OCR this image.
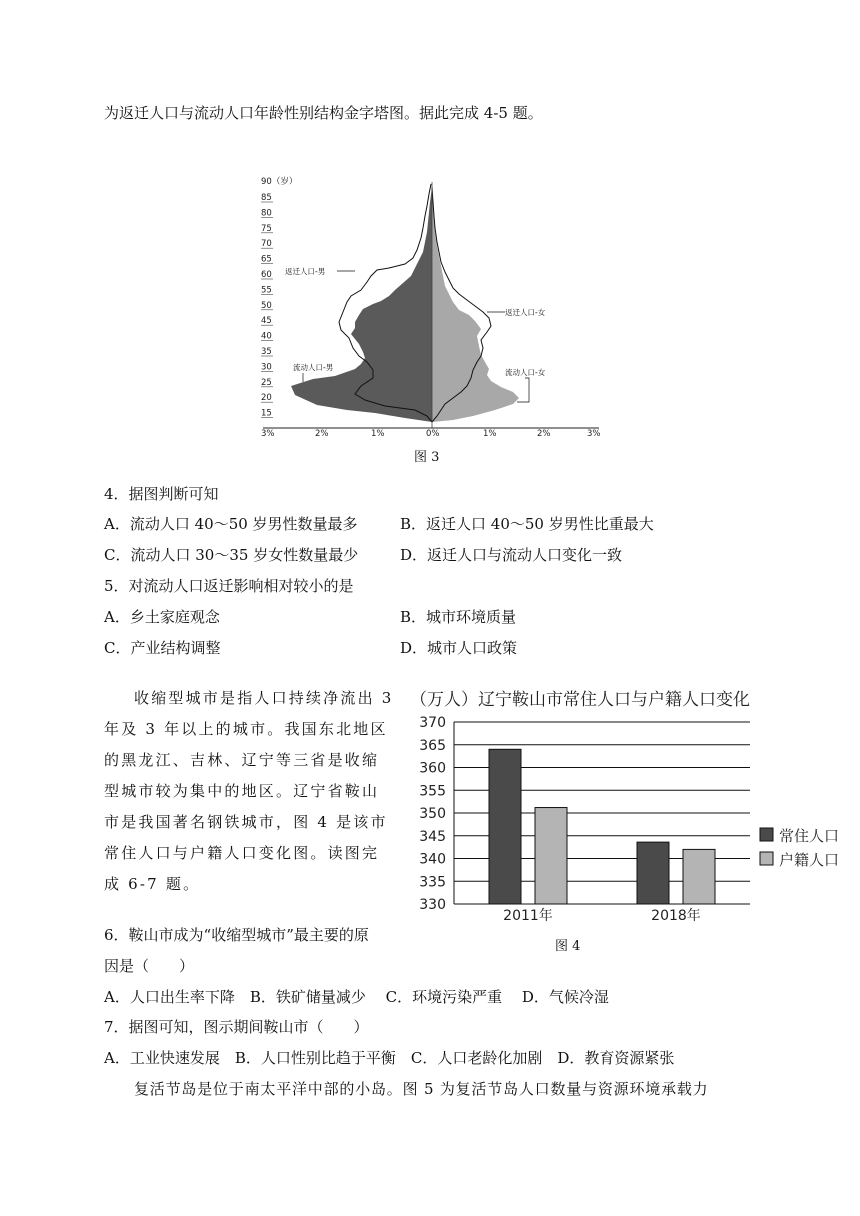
为返迁人口与流动人口年龄性别结构金字塔图。据此完成 4-5 题。
90（岁）
85
80
75
70
65
60
55
50
45
40
35
30
25
20
15
3%	2%	1%	0%	1%	2%	3%
返迁人口-男
返迁人口-女
流动人口-男
流动人口-女
图 3
4．据图判断可知
A．流动人口 40～50 岁男性数量最多	B．返迁人口 40～50 岁男性比重最大
C．流动人口 30～35 岁女性数量最少	D．返迁人口与流动人口变化一致
5．对流动人口返迁影响相对较小的是
A．乡土家庭观念	B．城市环境质量
C．产业结构调整	D．城市人口政策
收缩型城市是指人口持续净流出 3 年及 3 年以上的城市。我国东北地区的黑龙江、吉林、辽宁等三省是收缩型城市较为集中的地区。辽宁省鞍山市是我国著名钢铁城市，图 4 是该市常住人口与户籍人口变化图。读图完成 6-7 题。
（万人）辽宁鞍山市常住人口与户籍人口变化
330
335
340
345
350
355
360
365
370
2011年	2018年
常住人口
户籍人口
图 4
6．鞍山市成为“收缩型城市”最主要的原
因是（　　）
A．人口出生率下降　B．铁矿储量减少　 C．环境污染严重　 D．气候冷湿
7．据图可知，图示期间鞍山市（　　）
A．工业快速发展　B．人口性别比趋于平衡　C．人口老龄化加剧　D．教育资源紧张
复活节岛是位于南太平洋中部的小岛。图 5 为复活节岛人口数量与资源环境承载力
